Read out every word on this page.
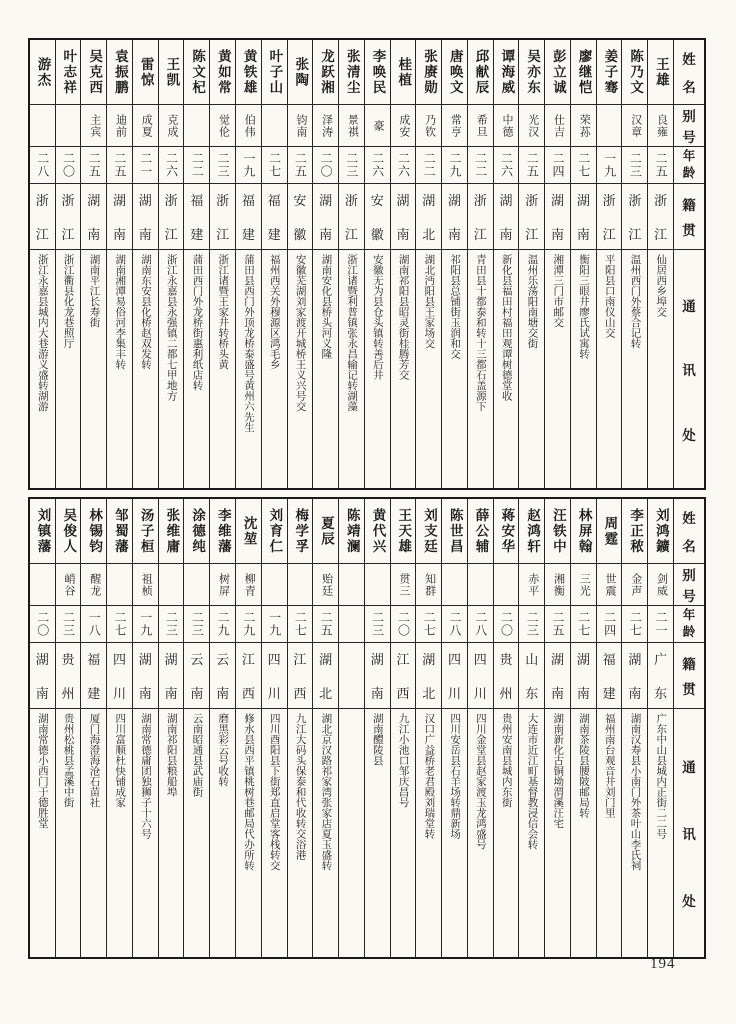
姓
名
别
号
年
龄
籍
贯
通
讯
处
王雄
良雍
二五
浙
江
仙居西乡埠交
陈乃文
汉章
二三
浙
江
温州西门外蔡合记转
姜子骞
一九
浙
江
平阳县口南仪山交
廖继恺
荣荪
二七
湖
南
衡阳三眼井廖氏试寓转
彭立诚
仕吉
二四
湖
南
湘潭三门市邮交
吴亦东
光汉
二五
浙
江
温州乐荡阳南塘交街
谭海威
中德
二六
湖
南
新化县福田村福田观谭树德堂收
邱献辰
希旦
二二
浙
江
青田县十都泰和转十三都石盖源下
唐唤文
常亨
二九
湖
南
祁阳县总铺街玉润和交
张赓勋
乃钦
二二
湖
北
湖北沔阳县王家场交
桂植
成安
二六
湖
南
湖南祁阳县昭灵街桂腾芳交
李唤民
豪
二六
安
徽
安徽无为县仓头镇转善后井
张清尘
景祺
二三
浙
江
浙江诸暨利普镇张永昌输记转湖藻
龙跃湘
泽涛
二〇
湖
南
湖南安化县桥头河义隆
张陶
钧南
二五
安
徽
安徽芜湖刘家渡开城桥王义兴号交
叶子山
二七
福
建
福州西关外穆源区鸿毛乡
黄铁雄
伯伟
一九
福
建
蒲田县西门外顶龙桥泰盛号黄州六先生
黄如常
觉伦
二三
浙
江
浙江诸暨王家井转桥头黄
陈文杞
二二
福
建
蒲田西门外龙桥街惠利纸店转
王凯
克成
二六
浙
江
浙江永嘉县永强镇二都七甲地方
雷惊
成夏
二一
湖
南
湖南东安县化桥赵双发转
袁振鹏
迪前
二五
湖
南
湖南湘潭易俗河李集丰转
吴克西
主宾
二五
湖
南
湖南平江长寿街
叶志祥
二〇
浙
江
浙江衢县化龙巷照厅
游杰
二八
浙
江
浙江永嘉县城内大巷游义盛转湖游
姓
名
别
号
年
龄
籍
贯
通
讯
处
刘鸿鑛
剑威
二一
广
东
广东中山县城内正街二二号
李正秾
金声
二七
湖
南
湖南汉寿县小南门外茶叶山李氏祠
周霆
世震
二四
福
建
福州南台观音井刘门里
林屏翰
三光
二七
湖
南
湖南茶陵县腰陂邮局转
汪铁中
湘衡
二五
湖
南
湖南新化古铜坳渭溪汪宅
赵鸿轩
赤平
二三
山
东
大连市近江町基督教浸信会转
蒋安华
二〇
贵
州
贵州安南县城内东街
薛公辅
二八
四
川
四川金堂县赵家渡玉龙鸿盛号
陈世昌
二八
四
川
四川安岳县石羊场转鼎新场
刘支廷
知群
二七
湖
北
汉口广益桥老君殿刘瑞堂转
王天雄
贯三
二〇
江
西
九江小池口邹庆昌号
黄代兴
二三
湖
南
湖南醴陵县
陈靖澜
夏辰
贻廷
二五
湖
北
湖北京汉路祁家湾张家店夏玉盛转
梅学孚
二七
江
西
九江大码头保泰和代收转交浴港
刘育仁
一九
四
川
四川酉阳县下街郑直启堂客栈转交
沈堃
柳青
二九
江
西
修水县西平镇桃树巷邮局代办所转
李维藩
树屏
二九
云
南
磨黑彩云号收转
涂德纯
二三
云
南
云南昭通县武庙街
张维庸
二三
湖
南
湖南祁阳县粮船埠
汤子桓
祖桢
一九
湖
南
湖南常德庸团独狮子十六号
邹蜀藩
二七
四
川
四川富顺杜快铺成家
林锡钧
醒龙
一八
福
建
厦门海澄海沧石苗社
吴俊人
峭谷
二三
贵
州
贵州松桃县孟溪中街
刘镇藩
二〇
湖
南
湖南常德小西门于德胜堂
194
